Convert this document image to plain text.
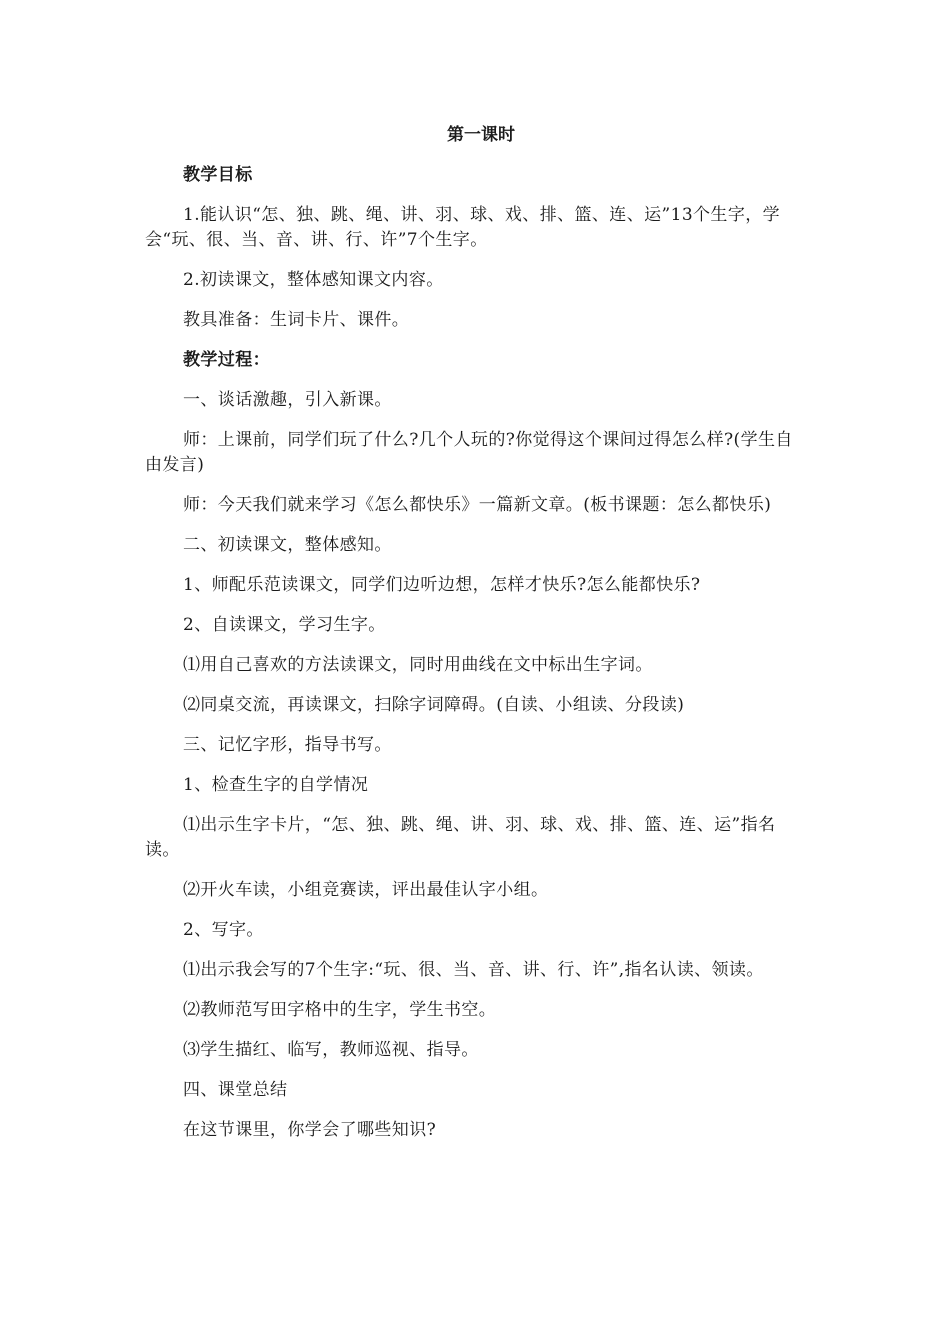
第一课时
教学目标
1.能认识“怎、独、跳、绳、讲、羽、球、戏、排、篮、连、运”13个生字，学会“玩、很、当、音、讲、行、许”7个生字。
2.初读课文，整体感知课文内容。
教具准备：生词卡片、课件。
教学过程：
一、谈话激趣，引入新课。
师：上课前，同学们玩了什么?几个人玩的?你觉得这个课间过得怎么样?(学生自由发言)
师：今天我们就来学习《怎么都快乐》一篇新文章。(板书课题：怎么都快乐)
二、初读课文，整体感知。
1、师配乐范读课文，同学们边听边想，怎样才快乐?怎么能都快乐?
2、自读课文，学习生字。
⑴用自己喜欢的方法读课文，同时用曲线在文中标出生字词。
⑵同桌交流，再读课文，扫除字词障碍。(自读、小组读、分段读)
三、记忆字形，指导书写。
1、检查生字的自学情况
⑴出示生字卡片，“怎、独、跳、绳、讲、羽、球、戏、排、篮、连、运”指名读。
⑵开火车读，小组竞赛读，评出最佳认字小组。
2、写字。
⑴出示我会写的7个生字:“玩、很、当、音、讲、行、许”,指名认读、领读。
⑵教师范写田字格中的生字，学生书空。
⑶学生描红、临写，教师巡视、指导。
四、课堂总结
在这节课里，你学会了哪些知识?
